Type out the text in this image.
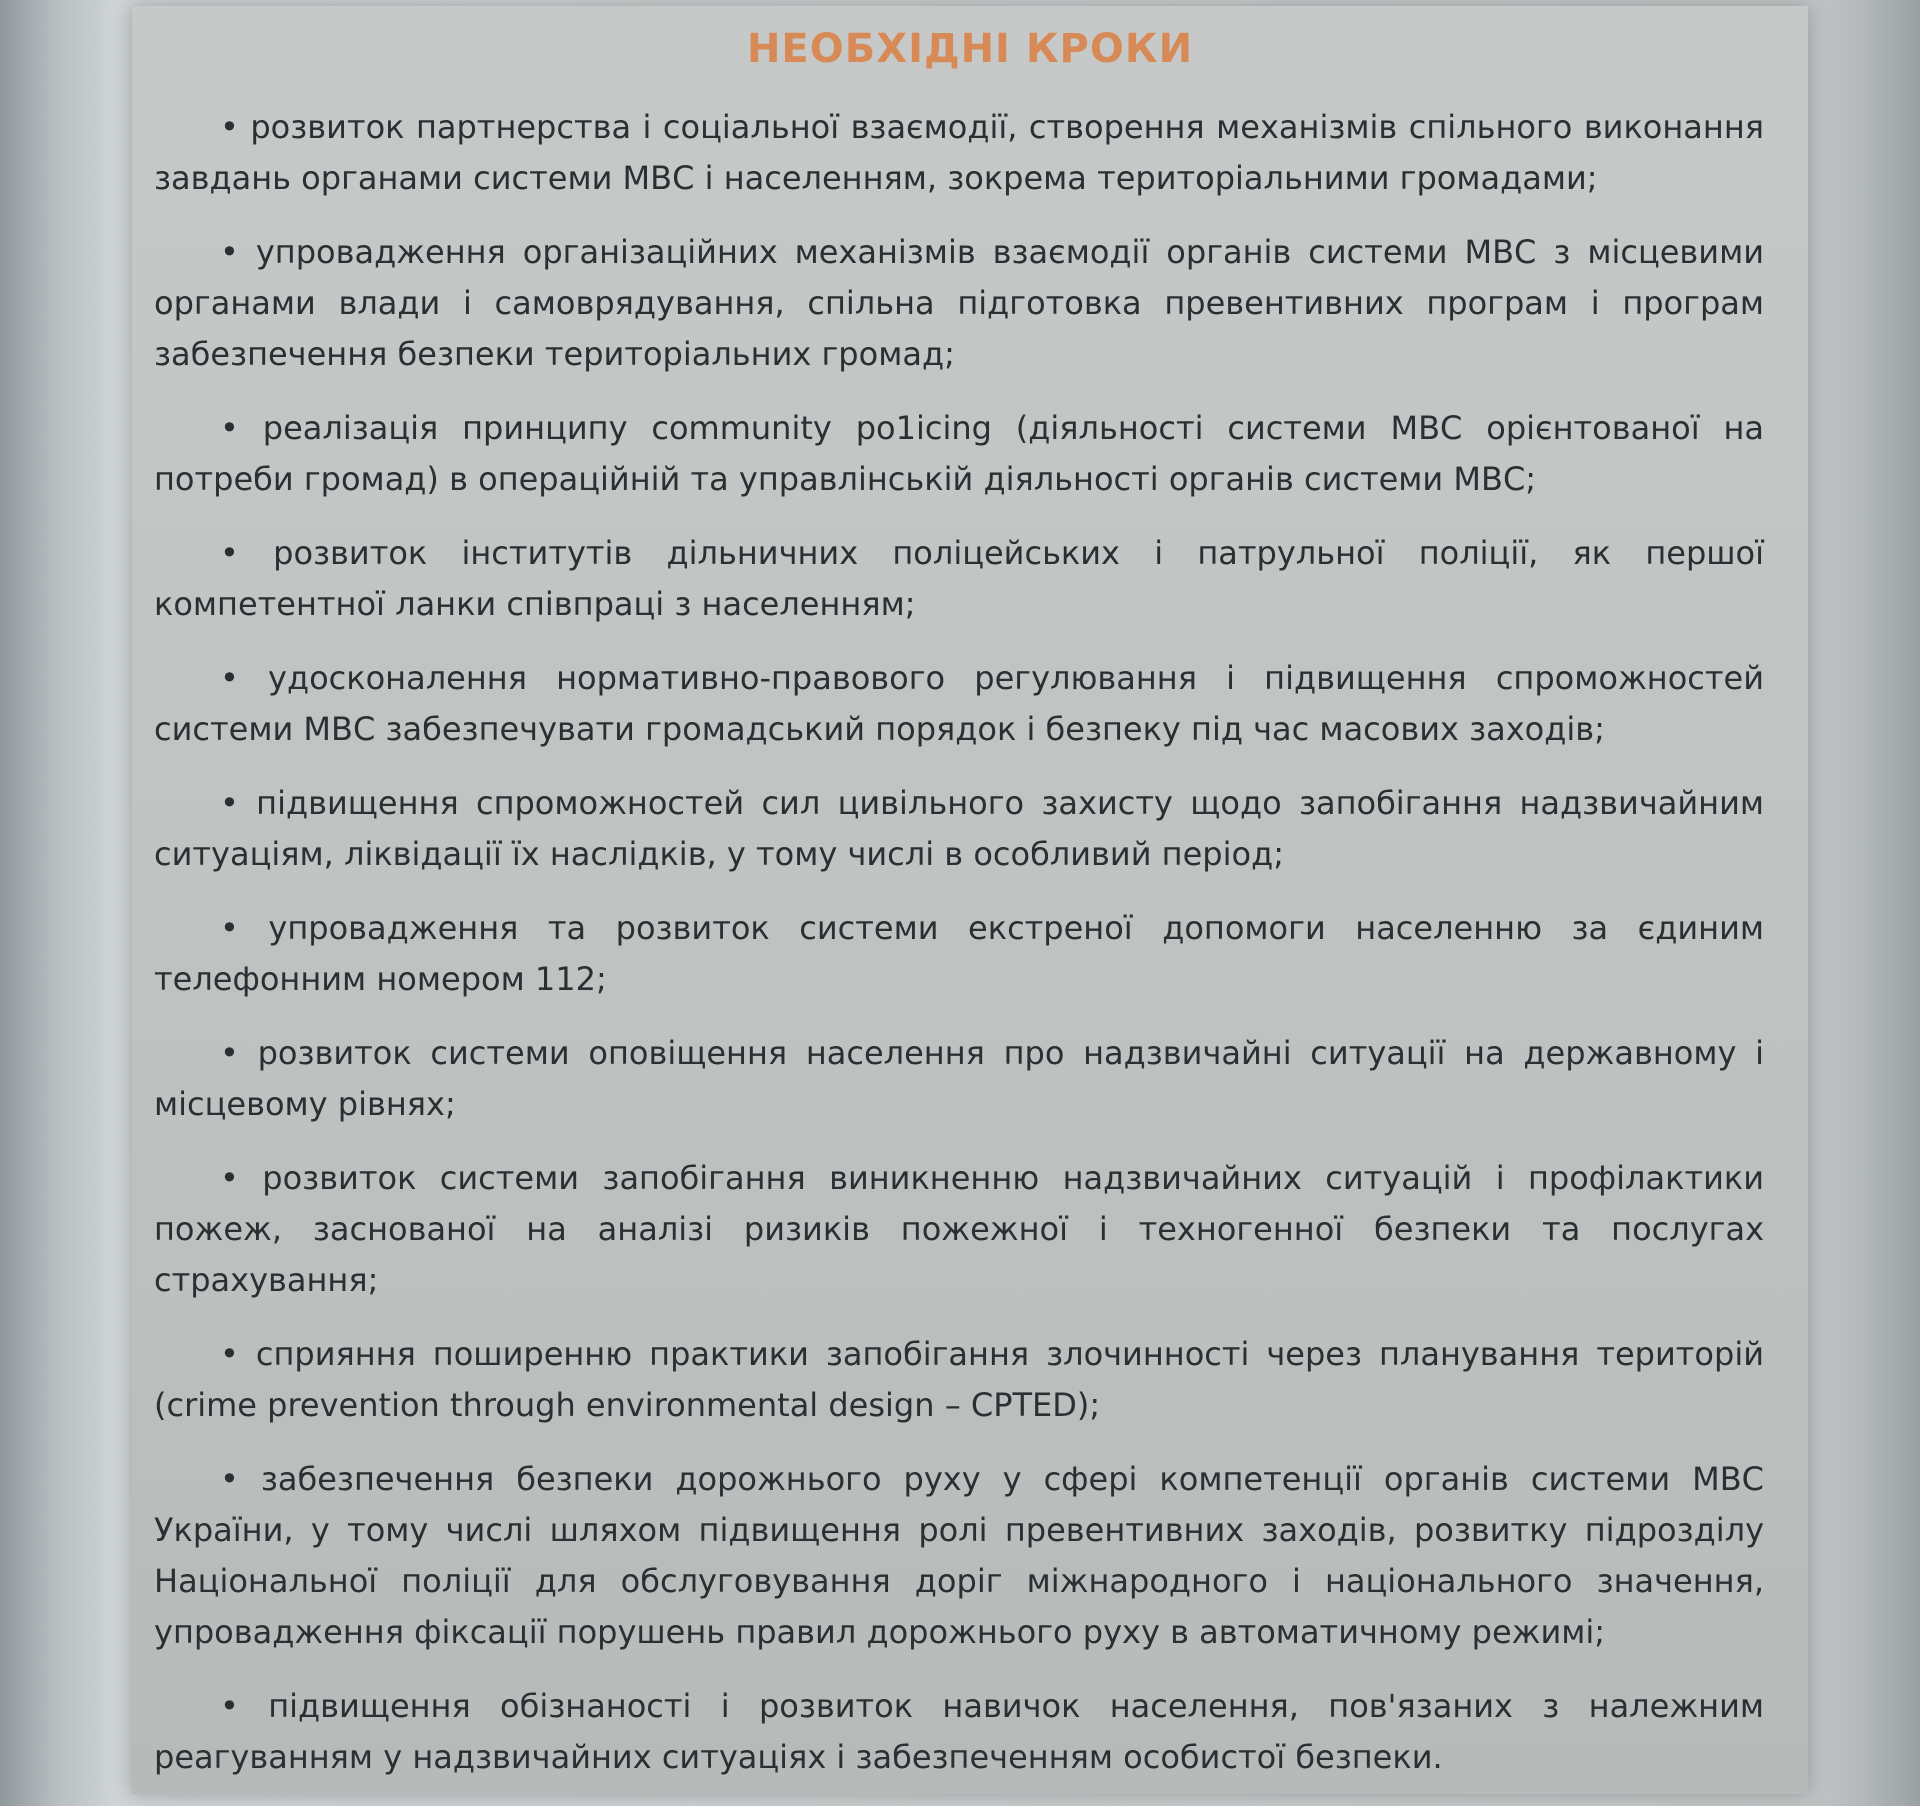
НЕОБХІДНІ КРОКИ
• розвиток партнерства і соціальної взаємодії, створення механізмів спільного виконання завдань органами системи МВС і населенням, зокрема територіальними громадами;
• упровадження організаційних механізмів взаємодії органів системи МВС з місцевими органами влади і самоврядування, спільна підготовка превентивних програм і програм забезпечення безпеки територіальних громад;
• реалізація принципу community po1icing (діяльності системи МВС орієнтованої на потреби громад) в операційній та управлінській діяльності органів системи МВС;
• розвиток інститутів дільничних поліцейських і патрульної поліції, як першої компетентної ланки співпраці з населенням;
• удосконалення нормативно-правового регулювання і підвищення спроможностей системи МВС забезпечувати громадський порядок і безпеку під час масових заходів;
• підвищення спроможностей сил цивільного захисту щодо запобігання надзвичайним ситуаціям, ліквідації їх наслідків, у тому числі в особливий період;
• упровадження та розвиток системи екстреної допомоги населенню за єдиним телефонним номером 112;
• розвиток системи оповіщення населення про надзвичайні ситуації на державному і місцевому рівнях;
• розвиток системи запобігання виникненню надзвичайних ситуацій і профілактики пожеж, заснованої на аналізі ризиків пожежної і техногенної безпеки та послугах страхування;
• сприяння поширенню практики запобігання злочинності через планування територій (crime prevention through environmental design – CPTED);
• забезпечення безпеки дорожнього руху у сфері компетенції органів системи МВС України, у тому числі шляхом підвищення ролі превентивних заходів, розвитку підрозділу Національної поліції для обслуговування доріг міжнародного і національного значення, упровадження фіксації порушень правил дорожнього руху в автоматичному режимі;
• підвищення обізнаності і розвиток навичок населення, пов'язаних з належним реагуванням у надзвичайних ситуаціях і забезпеченням особистої безпеки.
